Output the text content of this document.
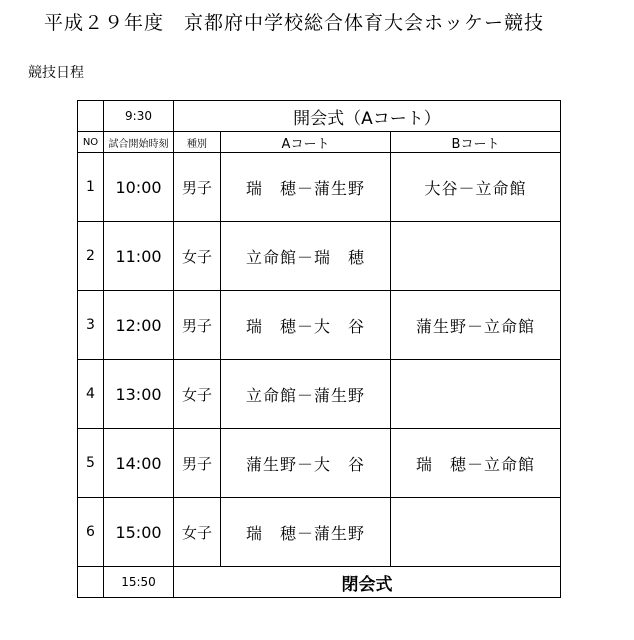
平成２９年度　京都府中学校総合体育大会ホッケー競技
競技日程
	9:30	開会式（Aコート）		
NO	試合開始時刻	種別	Aコート	Bコート
1	10:00	男子	瑞　穂－蒲生野	大谷－立命館
2	11:00	女子	立命館－瑞　穂	
3	12:00	男子	瑞　穂－大　谷	蒲生野－立命館
4	13:00	女子	立命館－蒲生野	
5	14:00	男子	蒲生野－大　谷	瑞　穂－立命館
6	15:00	女子	瑞　穂－蒲生野	
	15:50	閉会式		
